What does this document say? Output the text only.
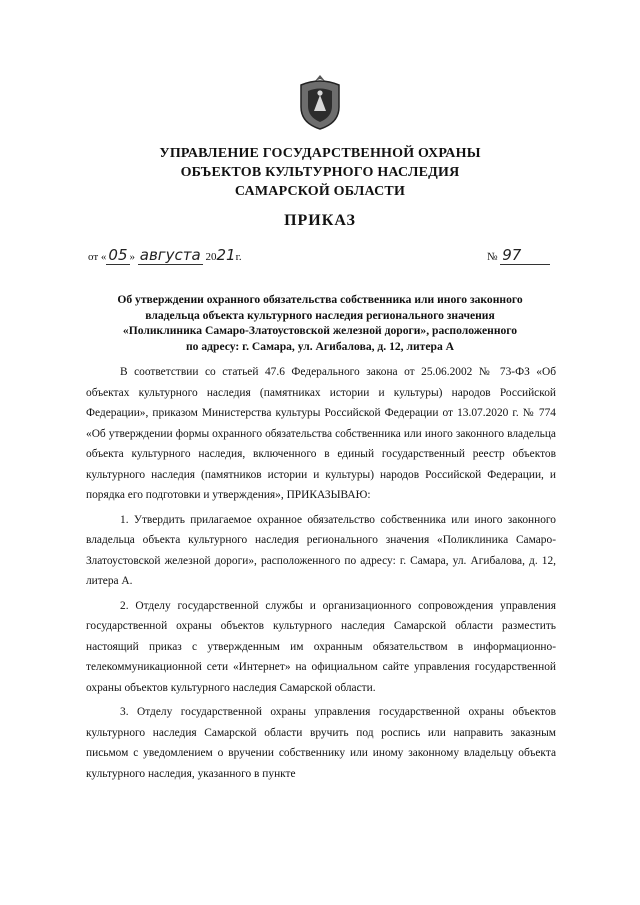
УПРАВЛЕНИЕ ГОСУДАРСТВЕННОЙ ОХРАНЫ
ОБЪЕКТОВ КУЛЬТУРНОГО НАСЛЕДИЯ
САМАРСКОЙ ОБЛАСТИ
ПРИКАЗ
от « 05 » августа 2021г.	№ 97
Об утверждении охранного обязательства собственника или иного законного
владельца объекта культурного наследия регионального значения
«Поликлиника Самаро-Златоустовской железной дороги», расположенного
по адресу: г. Самара, ул. Агибалова, д. 12, литера А

В соответствии со статьей 47.6 Федерального закона от 25.06.2002 № 73-ФЗ «Об объектах культурного наследия (памятниках истории и культуры) народов Российской Федерации», приказом Министерства культуры Российской Федерации от 13.07.2020 г. № 774 «Об утверждении формы охранного обязательства собственника или иного законного владельца объекта культурного наследия, включенного в единый государственный реестр объектов культурного наследия (памятников истории и культуры) народов Российской Федерации, и порядка его подготовки и утверждения», ПРИКАЗЫВАЮ:

1. Утвердить прилагаемое охранное обязательство собственника или иного законного владельца объекта культурного наследия регионального значения «Поликлиника Самаро-Златоустовской железной дороги», расположенного по адресу: г. Самара, ул. Агибалова, д. 12, литера А.

2. Отделу государственной службы и организационного сопровождения управления государственной охраны объектов культурного наследия Самарской области разместить настоящий приказ с утвержденным им охранным обязательством в информационно-телекоммуникационной сети «Интернет» на официальном сайте управления государственной охраны объектов культурного наследия Самарской области.

3. Отделу государственной охраны управления государственной охраны объектов культурного наследия Самарской области вручить под роспись или направить заказным письмом с уведомлением о вручении собственнику или иному законному владельцу объекта культурного наследия, указанного в пункте
